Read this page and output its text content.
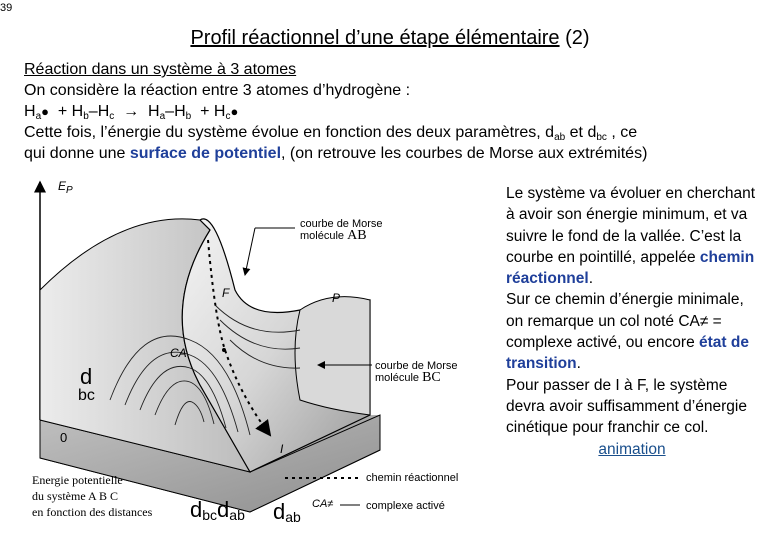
39
Profil réactionnel d’une étape élémentaire (2)
Réaction dans un système à 3 atomes
On considère la réaction entre 3 atomes d’hydrogène :
$H_a● + H_b-H_c \to H_a-H_b$ + $H_c●$
Cette fois, l’énergie du système évolue en fonction des deux paramètres, $d_{ab}$ et $d_{bc}$ , ce
qui donne une surface de potentiel, (on retrouve les courbes de Morse aux extrémités)
$E_P$
courbe de Morse
molécule AB
F	P
CA
I
courbe de Morse
molécule BC
d
bc
0
$d_{bc}d_{ab}$ $d_{ab}$
chemin réactionnel
CA≠	complexe activé
Energie potentielle
du système A B C
en fonction des distances
Le système va évoluer en cherchant à avoir son énergie minimum, et va suivre le fond de la vallée. C’est la courbe en pointillé, appelée chemin réactionnel.
Sur ce chemin d’énergie minimale, on remarque un col noté CA≠ = complexe activé, ou encore état de transition.
Pour passer de I à F, le système devra avoir suffisamment d’énergie cinétique pour franchir ce col.
animation
